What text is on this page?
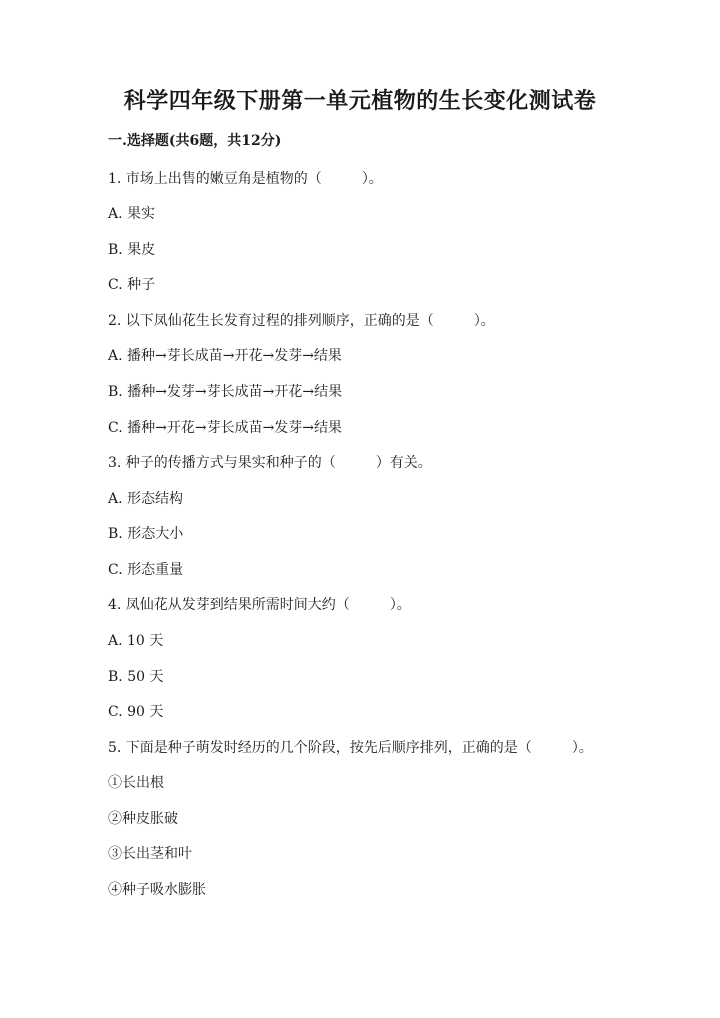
科学四年级下册第一单元植物的生长变化测试卷
一.选择题(共6题，共12分)
1. 市场上出售的嫩豆角是植物的（	）。
A. 果实
B. 果皮
C. 种子
2. 以下凤仙花生长发育过程的排列顺序，正确的是（	）。
A. 播种→芽长成苗→开花→发芽→结果
B. 播种→发芽→芽长成苗→开花→结果
C. 播种→开花→芽长成苗→发芽→结果
3. 种子的传播方式与果实和种子的（	）有关。
A. 形态结构
B. 形态大小
C. 形态重量
4. 凤仙花从发芽到结果所需时间大约（	）。
A. 10 天
B. 50 天
C. 90 天
5. 下面是种子萌发时经历的几个阶段，按先后顺序排列，正确的是（	）。
①长出根
②种皮胀破
③长出茎和叶
④种子吸水膨胀
